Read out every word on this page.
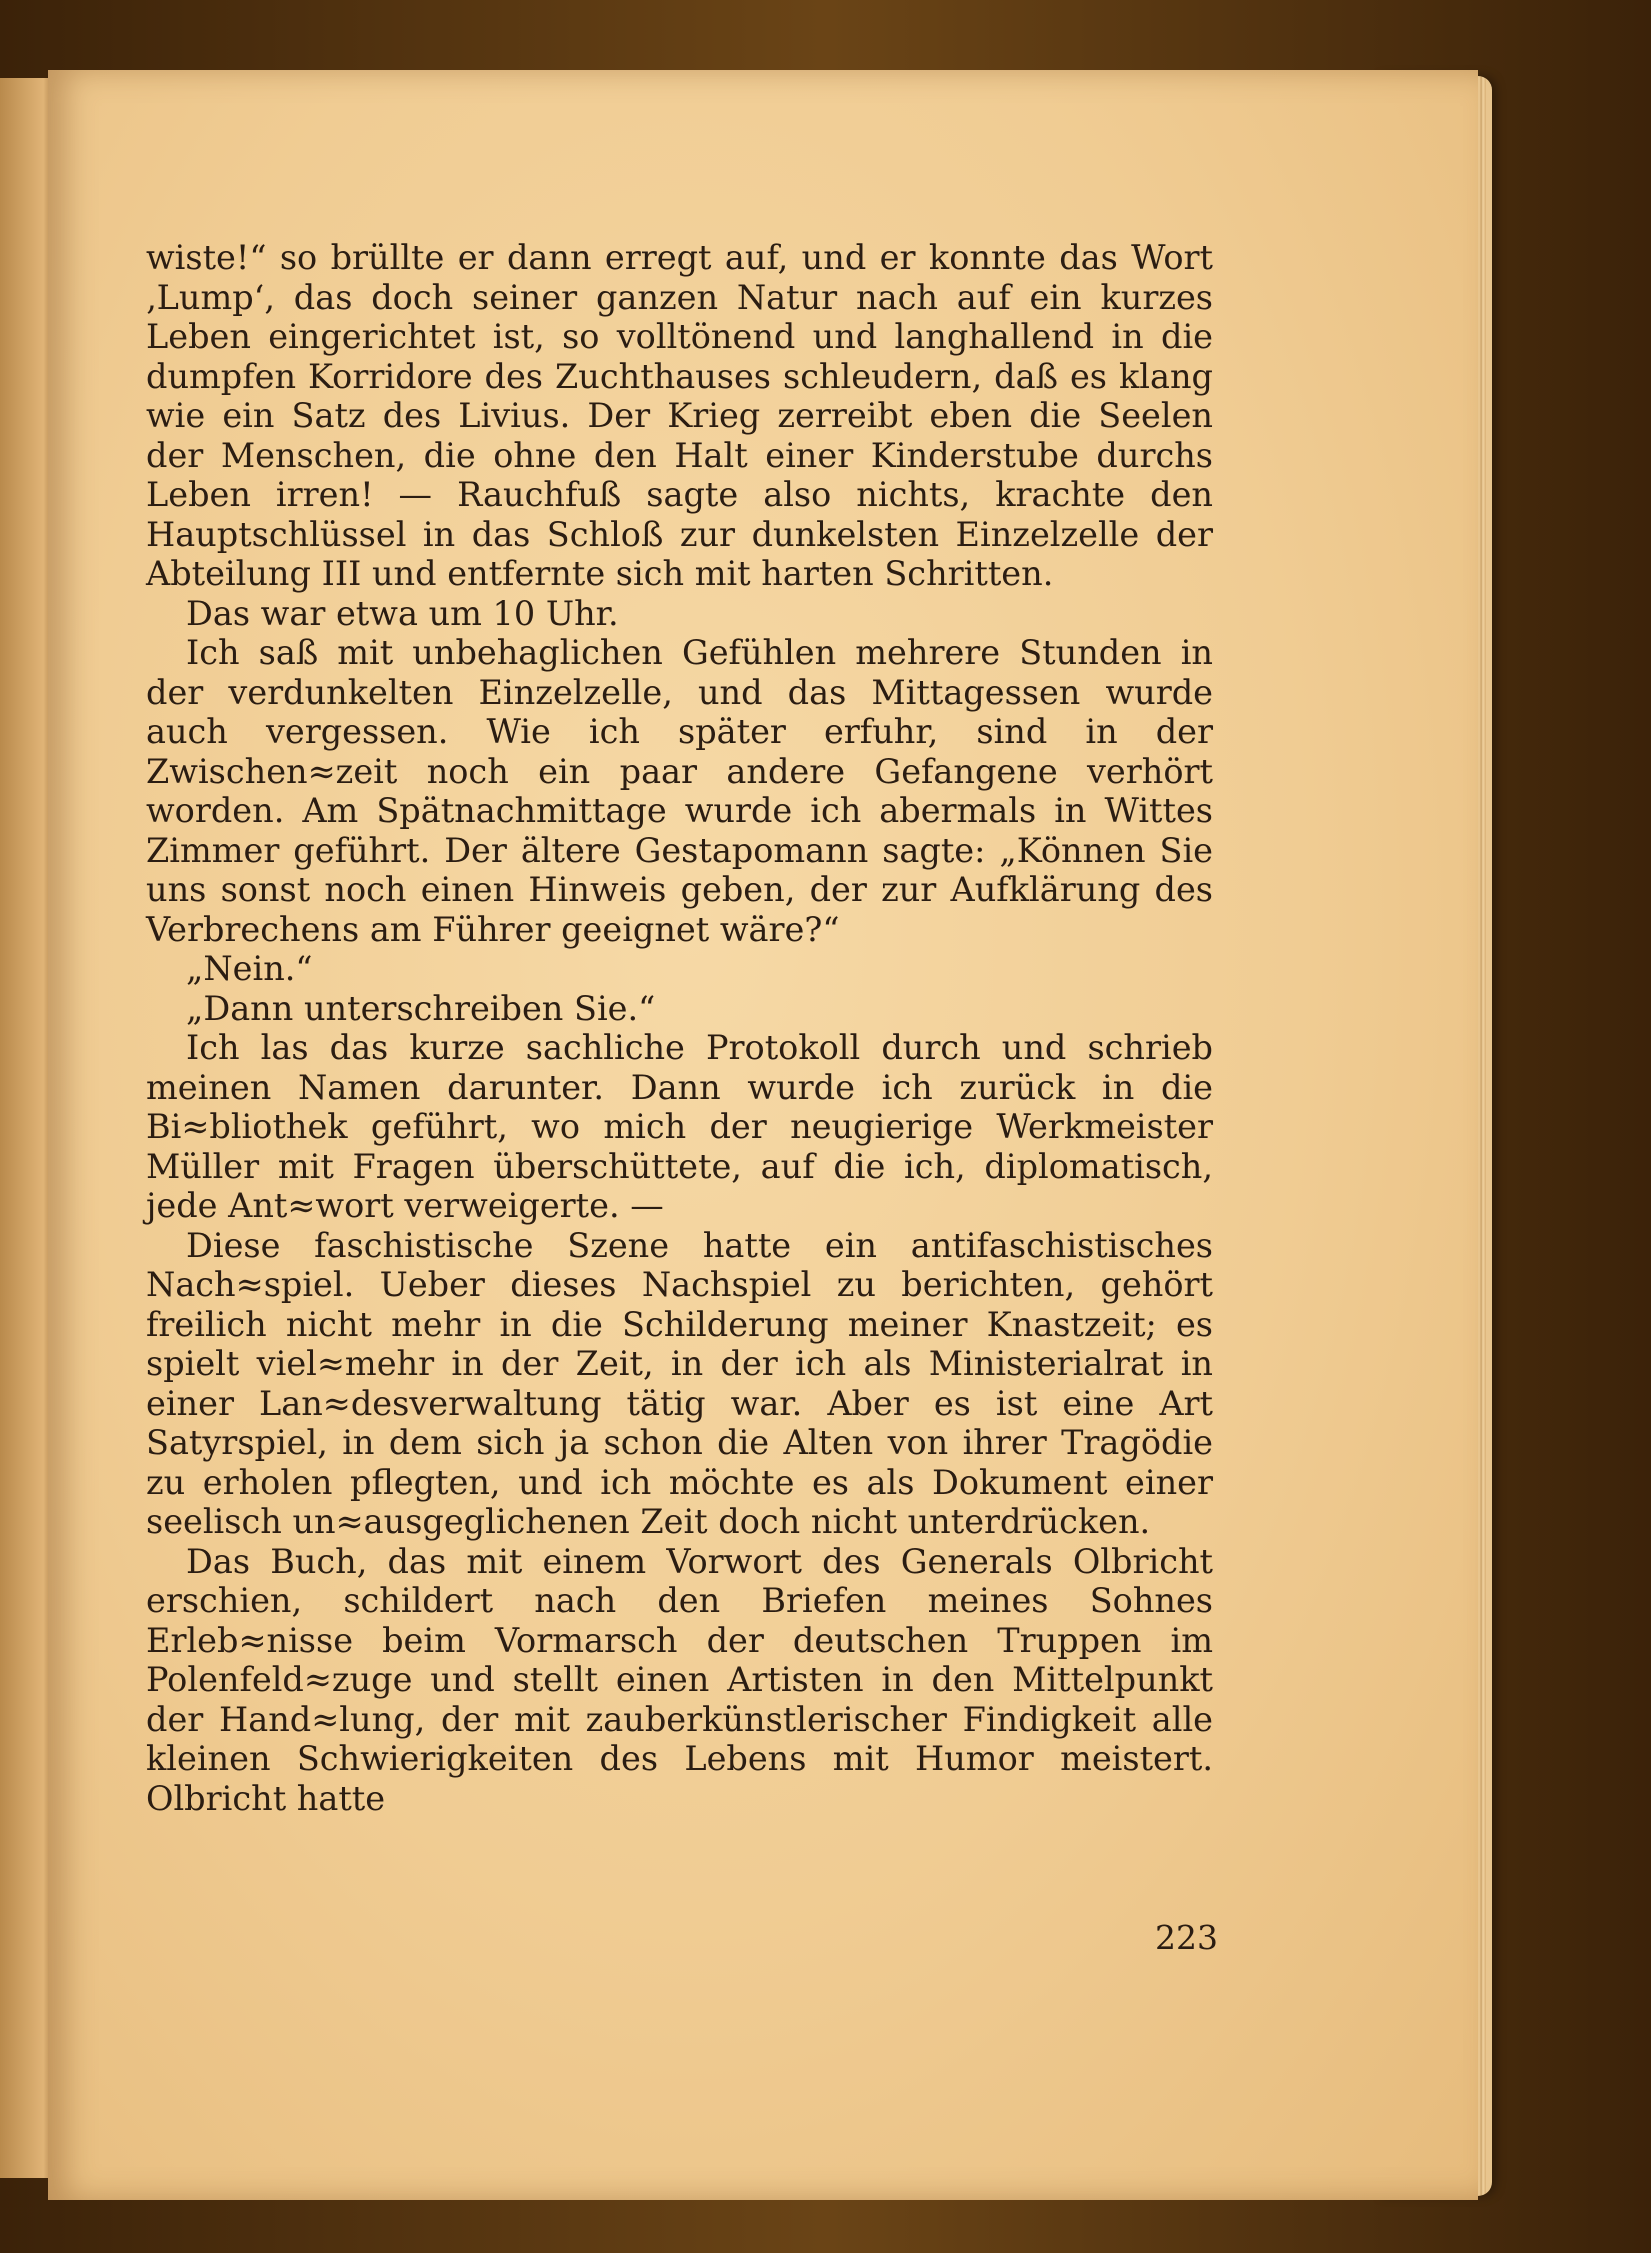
wiste!“ so brüllte er dann erregt auf, und er konnte das Wort ‚Lump‘, das doch seiner ganzen Natur nach auf ein kurzes Leben eingerichtet ist, so volltönend und langhallend in die dumpfen Korridore des Zuchthauses schleudern, daß es klang wie ein Satz des Livius. Der Krieg zerreibt eben die Seelen der Menschen, die ohne den Halt einer Kinderstube durchs Leben irren! — Rauchfuß sagte also nichts, krachte den Hauptschlüssel in das Schloß zur dunkelsten Einzelzelle der Abteilung III und entfernte sich mit harten Schritten.

Das war etwa um 10 Uhr.

Ich saß mit unbehaglichen Gefühlen mehrere Stunden in der verdunkelten Einzelzelle, und das Mittagessen wurde auch vergessen. Wie ich später erfuhr, sind in der Zwischen≈zeit noch ein paar andere Gefangene verhört worden. Am Spätnachmittage wurde ich abermals in Wittes Zimmer geführt. Der ältere Gestapomann sagte: „Können Sie uns sonst noch einen Hinweis geben, der zur Aufklärung des Verbrechens am Führer geeignet wäre?“

„Nein.“

„Dann unterschreiben Sie.“

Ich las das kurze sachliche Protokoll durch und schrieb meinen Namen darunter. Dann wurde ich zurück in die Bi≈bliothek geführt, wo mich der neugierige Werkmeister Müller mit Fragen überschüttete, auf die ich, diplomatisch, jede Ant≈wort verweigerte. —

Diese faschistische Szene hatte ein antifaschistisches Nach≈spiel. Ueber dieses Nachspiel zu berichten, gehört freilich nicht mehr in die Schilderung meiner Knastzeit; es spielt viel≈mehr in der Zeit, in der ich als Ministerialrat in einer Lan≈desverwaltung tätig war. Aber es ist eine Art Satyrspiel, in dem sich ja schon die Alten von ihrer Tragödie zu erholen pflegten, und ich möchte es als Dokument einer seelisch un≈ausgeglichenen Zeit doch nicht unterdrücken.

Das Buch, das mit einem Vorwort des Generals Olbricht erschien, schildert nach den Briefen meines Sohnes Erleb≈nisse beim Vormarsch der deutschen Truppen im Polenfeld≈zuge und stellt einen Artisten in den Mittelpunkt der Hand≈lung, der mit zauberkünstlerischer Findigkeit alle kleinen Schwierigkeiten des Lebens mit Humor meistert. Olbricht hatte

223
